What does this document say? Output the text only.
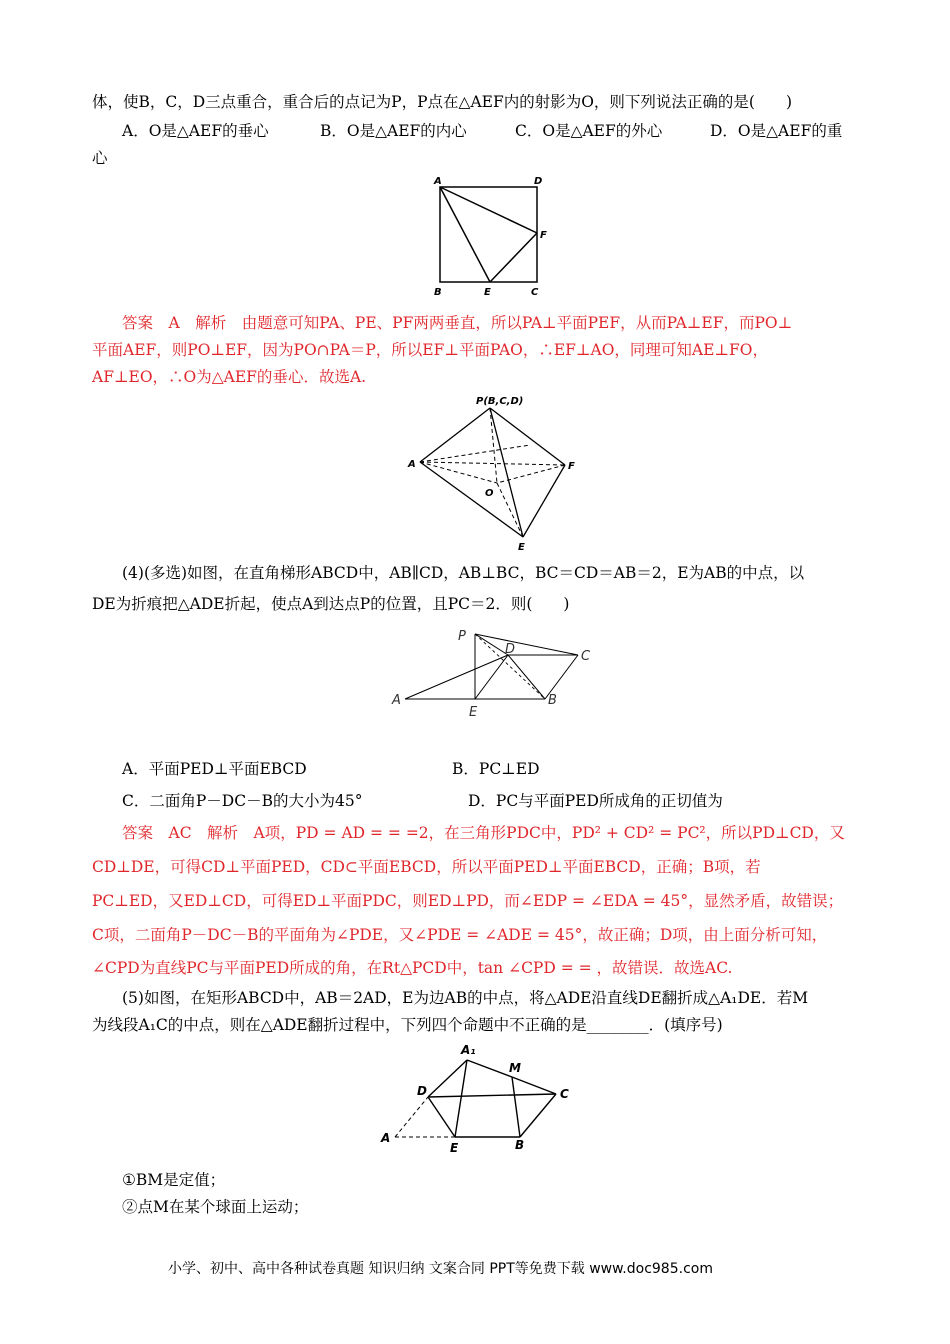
体，使B，C，D三点重合，重合后的点记为P，P点在△AEF内的射影为O，则下列说法正确的是(　　)
A．O是△AEF的垂心	B．O是△AEF的内心	C．O是△AEF的外心	D．O是△AEF的重
心
A	D
F
B	E	C
答案　A　解析　由题意可知PA、PE、PF两两垂直，所以PA⊥平面PEF，从而PA⊥EF，而PO⊥
平面AEF，则PO⊥EF，因为PO∩PA＝P，所以EF⊥平面PAO，∴EF⊥AO，同理可知AE⊥FO，
AF⊥EO，∴O为△AEF的垂心．故选A.
P(B,C,D)
A	F
O
E
(4)(多选)如图，在直角梯形ABCD中，AB∥CD，AB⊥BC，BC＝CD＝AB＝2，E为AB的中点，以
DE为折痕把△ADE折起，使点A到达点P的位置，且PC＝2．则(　　)
P
D	C
A
E
B
A．平面PED⊥平面EBCD	B．PC⊥ED
C．二面角P－DC－B的大小为45°	D．PC与平面PED所成角的正切值为
答案　AC　解析　A项，PD = AD = = =2，在三角形PDC中，PD² + CD² = PC²，所以PD⊥CD，又
CD⊥DE，可得CD⊥平面PED，CD⊂平面EBCD，所以平面PED⊥平面EBCD，正确；B项，若
PC⊥ED，又ED⊥CD，可得ED⊥平面PDC，则ED⊥PD，而∠EDP = ∠EDA = 45°，显然矛盾，故错误；
C项，二面角P－DC－B的平面角为∠PDE，又∠PDE = ∠ADE = 45°，故正确；D项，由上面分析可知，
∠CPD为直线PC与平面PED所成的角，在Rt△PCD中，tan ∠CPD = = ，故错误．故选AC.
(5)如图，在矩形ABCD中，AB＝2AD，E为边AB的中点，将△ADE沿直线DE翻折成△A₁DE．若M
为线段A₁C的中点，则在△ADE翻折过程中，下列四个命题中不正确的是________．(填序号)
A₁
M
D	C
A
E	B
①BM是定值；
②点M在某个球面上运动；
小学、初中、高中各种试卷真题 知识归纳 文案合同 PPT等免费下载 www.doc985.com
